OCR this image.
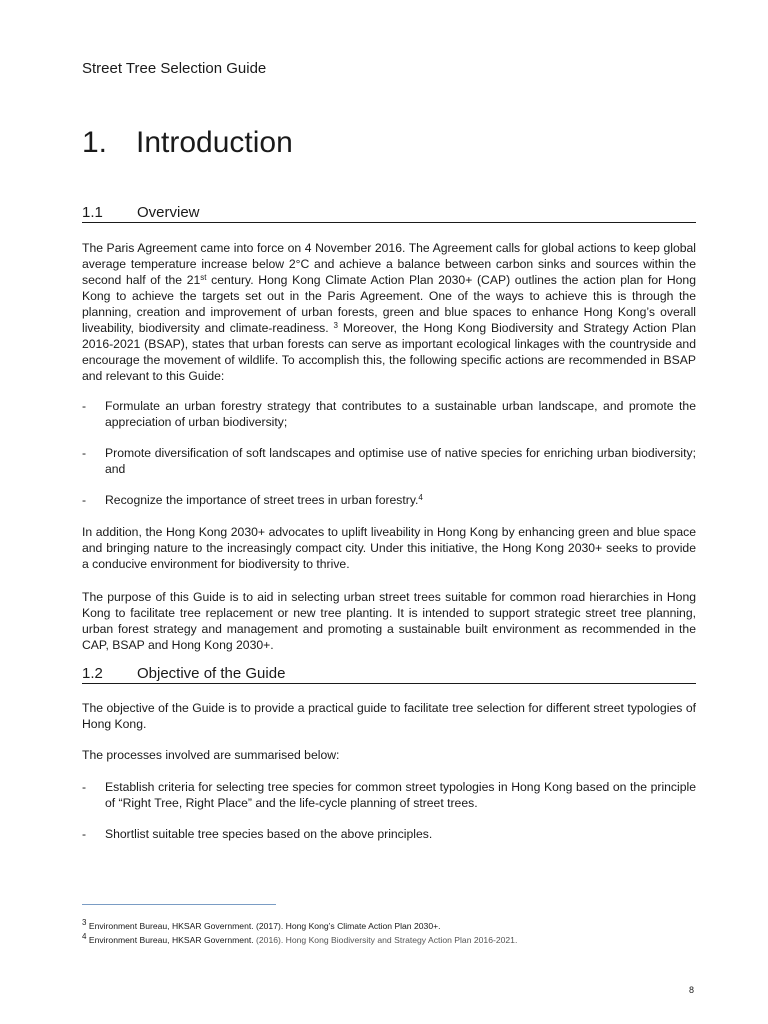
Street Tree Selection Guide
1. Introduction
1.1	Overview

The Paris Agreement came into force on 4 November 2016. The Agreement calls for global actions to keep global average temperature increase below 2°C and achieve a balance between carbon sinks and sources within the second half of the 21st century. Hong Kong Climate Action Plan 2030+ (CAP) outlines the action plan for Hong Kong to achieve the targets set out in the Paris Agreement. One of the ways to achieve this is through the planning, creation and improvement of urban forests, green and blue spaces to enhance Hong Kong’s overall liveability, biodiversity and climate-readiness. $^3$ Moreover, the Hong Kong Biodiversity and Strategy Action Plan 2016-2021 (BSAP), states that urban forests can serve as important ecological linkages with the countryside and encourage the movement of wildlife. To accomplish this, the following specific actions are recommended in BSAP and relevant to this Guide:

-	Formulate an urban forestry strategy that contributes to a sustainable urban landscape, and promote the appreciation of urban biodiversity;
-	Promote diversification of soft landscapes and optimise use of native species for enriching urban biodiversity; and
-	Recognize the importance of street trees in urban forestry.$^4$

In addition, the Hong Kong 2030+ advocates to uplift liveability in Hong Kong by enhancing green and blue space and bringing nature to the increasingly compact city. Under this initiative, the Hong Kong 2030+ seeks to provide a conducive environment for biodiversity to thrive.

The purpose of this Guide is to aid in selecting urban street trees suitable for common road hierarchies in Hong Kong to facilitate tree replacement or new tree planting. It is intended to support strategic street tree planning, urban forest strategy and management and promoting a sustainable built environment as recommended in the CAP, BSAP and Hong Kong 2030+.

1.2	Objective of the Guide

The objective of the Guide is to provide a practical guide to facilitate tree selection for different street typologies of Hong Kong.

The processes involved are summarised below:

-	Establish criteria for selecting tree species for common street typologies in Hong Kong based on the principle of “Right Tree, Right Place” and the life-cycle planning of street trees.
-	Shortlist suitable tree species based on the above principles.
$^3$ Environment Bureau, HKSAR Government. (2017). Hong Kong’s Climate Action Plan 2030+.
$^4$ Environment Bureau, HKSAR Government. (2016). Hong Kong Biodiversity and Strategy Action Plan 2016-2021.
8
